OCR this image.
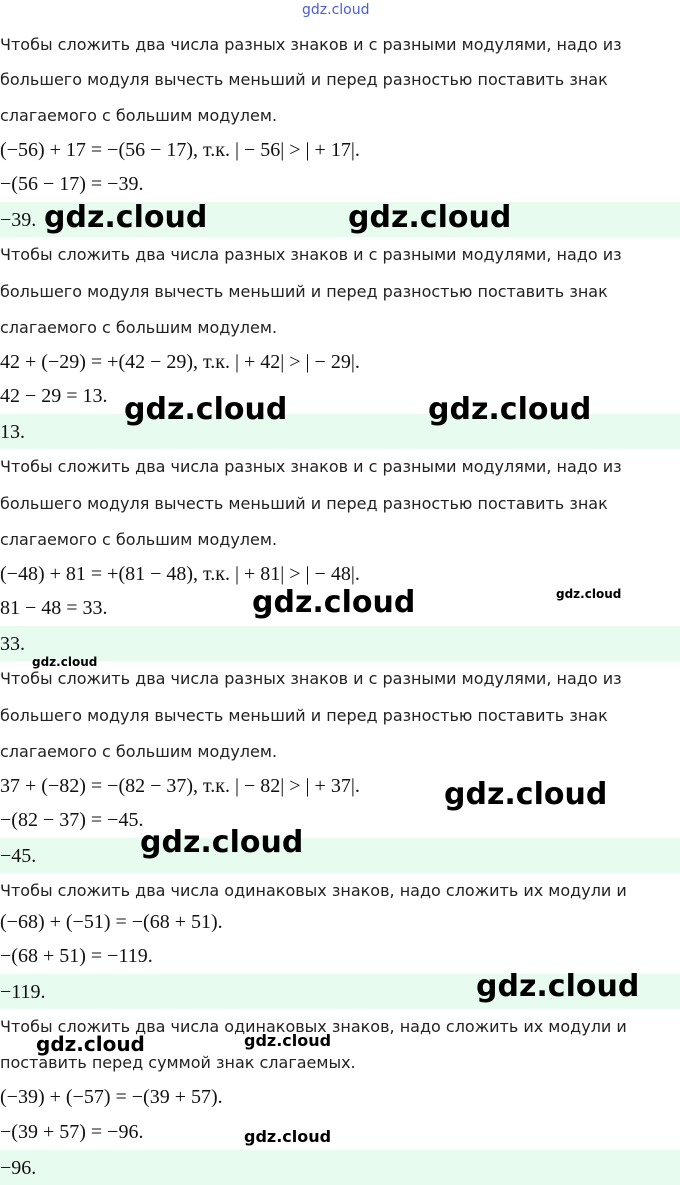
gdz.cloud
Чтобы сложить два числа разных знаков и с разными модулями, надо из
большего модуля вычесть меньший и перед разностью поставить знак
слагаемого с большим модулем.
(−56) + 17 = −(56 − 17), т.к. | − 56| > | + 17|.
−(56 − 17) = −39.
−39.
Чтобы сложить два числа разных знаков и с разными модулями, надо из
большего модуля вычесть меньший и перед разностью поставить знак
слагаемого с большим модулем.
42 + (−29) = +(42 − 29), т.к. | + 42| > | − 29|.
42 − 29 = 13.
13.
Чтобы сложить два числа разных знаков и с разными модулями, надо из
большего модуля вычесть меньший и перед разностью поставить знак
слагаемого с большим модулем.
(−48) + 81 = +(81 − 48), т.к. | + 81| > | − 48|.
81 − 48 = 33.
33.
Чтобы сложить два числа разных знаков и с разными модулями, надо из
большего модуля вычесть меньший и перед разностью поставить знак
слагаемого с большим модулем.
37 + (−82) = −(82 − 37), т.к. | − 82| > | + 37|.
−(82 − 37) = −45.
−45.
Чтобы сложить два числа одинаковых знаков, надо сложить их модули и
(−68) + (−51) = −(68 + 51).
−(68 + 51) = −119.
−119.
Чтобы сложить два числа одинаковых знаков, надо сложить их модули и
поставить перед суммой знак слагаемых.
(−39) + (−57) = −(39 + 57).
−(39 + 57) = −96.
−96.
gdz.cloud	gdz.cloud
gdz.cloud	gdz.cloud
gdz.cloud	gdz.cloud
gdz.cloud
gdz.cloud
gdz.cloud
gdz.cloud
gdz.cloud	gdz.cloud
gdz.cloud
